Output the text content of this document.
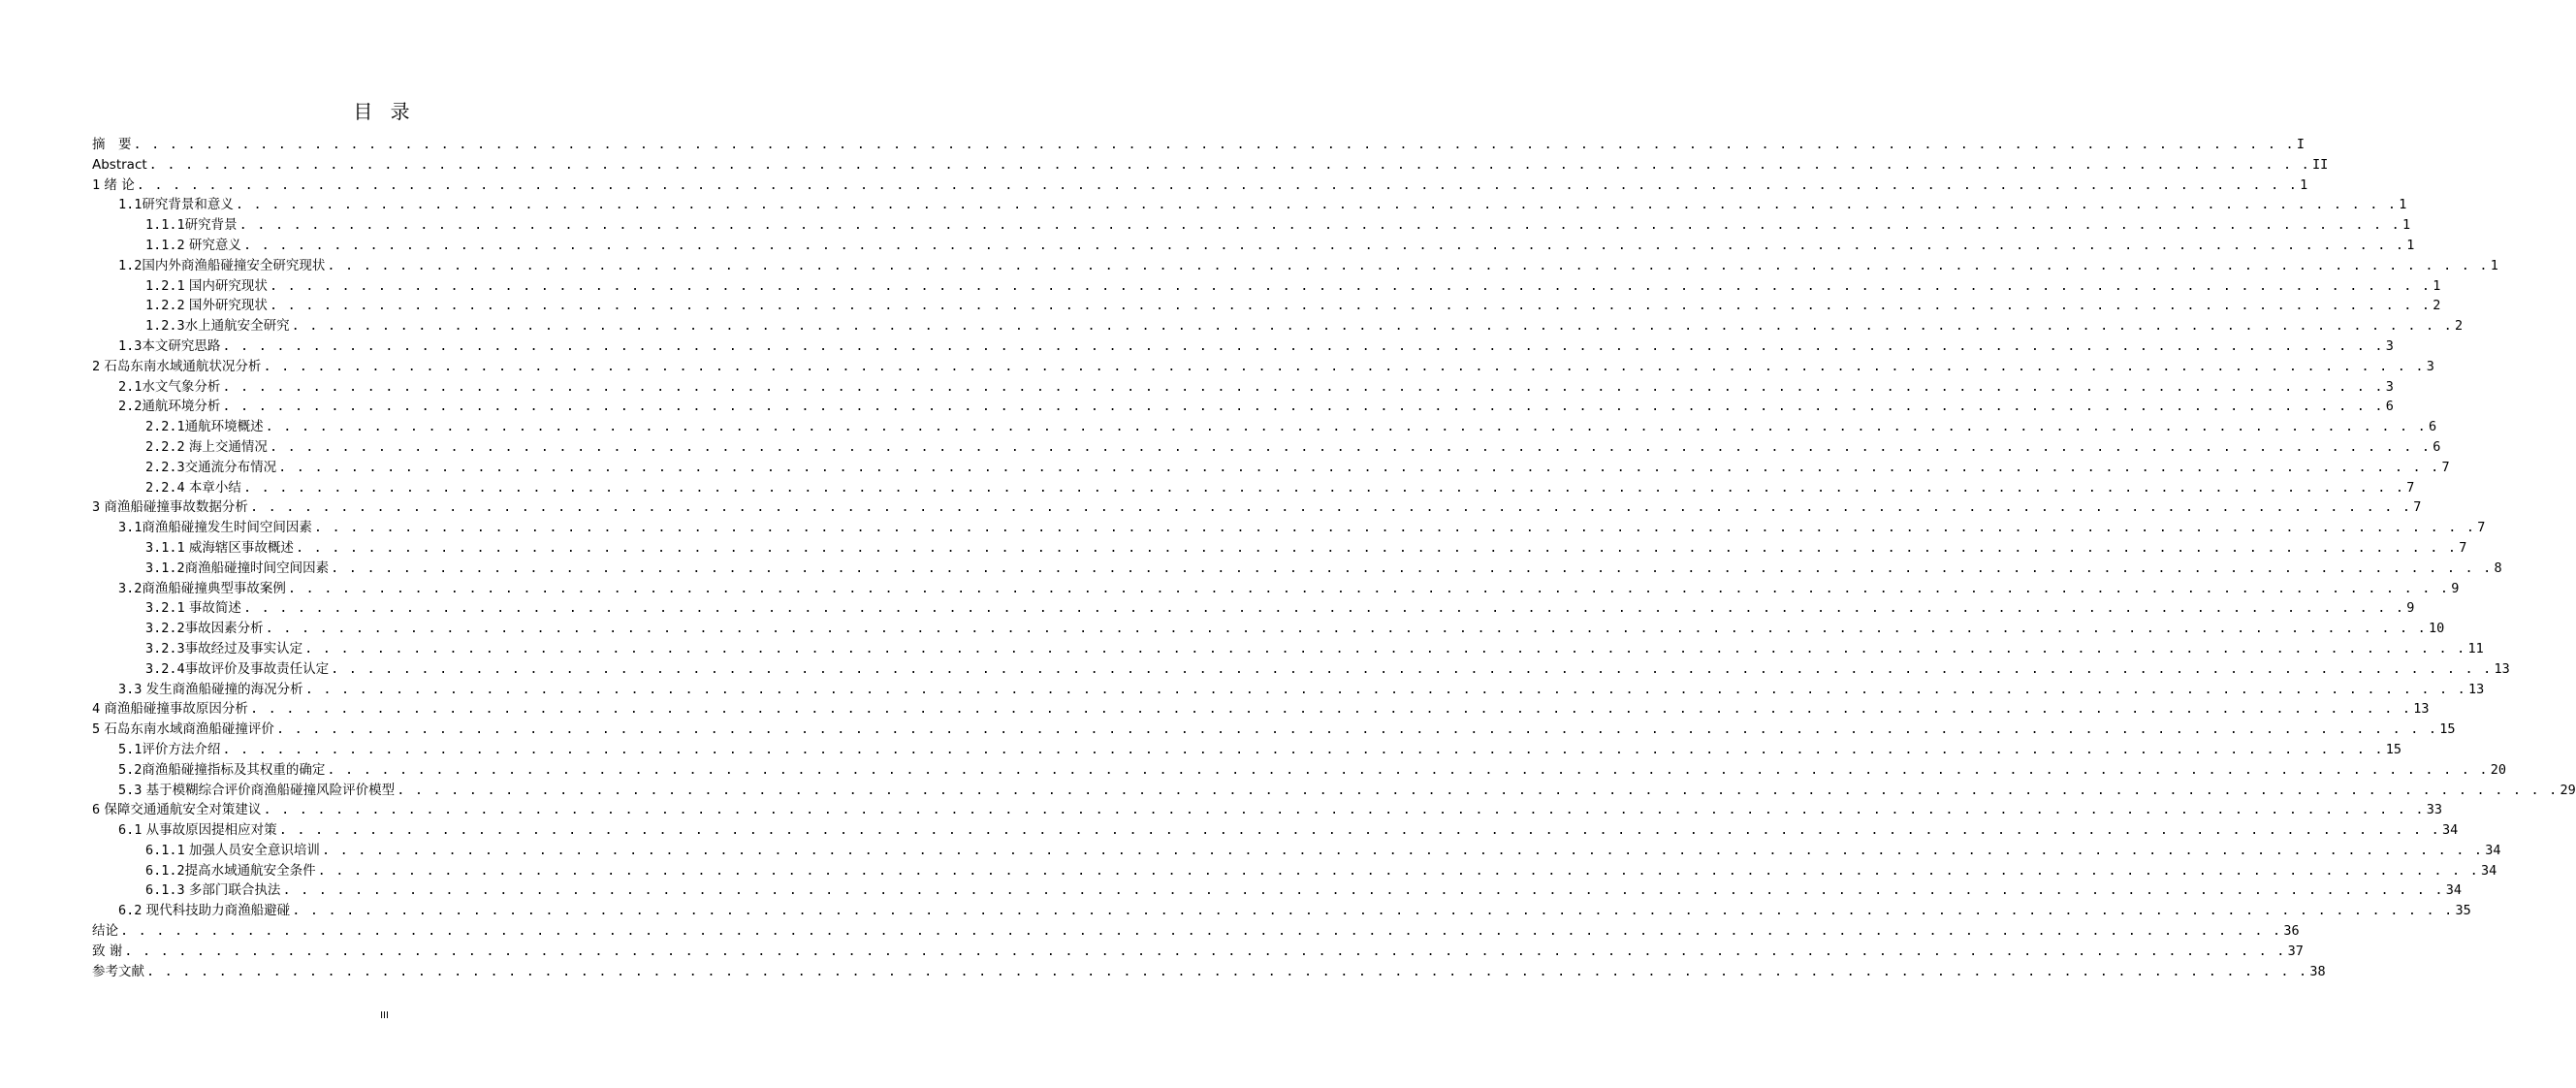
目 录
摘　要 . . . . . . . . . . . . . . . . . . . . . . . . . . . . . . . . . . . . . . . . . . . . . . . . . . . . . . . . . . . . . . . . . . . . . . . . . . . . . . . . . . . . . . . . . . . . . . . . . . . . . . . . . . . . . . . . . . . . . . . . I
Abstract . . . . . . . . . . . . . . . . . . . . . . . . . . . . . . . . . . . . . . . . . . . . . . . . . . . . . . . . . . . . . . . . . . . . . . . . . . . . . . . . . . . . . . . . . . . . . . . . . . . . . . . . . . . . . . . . . . . . . . . . II
1 绪 论 . . . . . . . . . . . . . . . . . . . . . . . . . . . . . . . . . . . . . . . . . . . . . . . . . . . . . . . . . . . . . . . . . . . . . . . . . . . . . . . . . . . . . . . . . . . . . . . . . . . . . . . . . . . . . . . . . . . . . . . . 1
1.1研究背景和意义 . . . . . . . . . . . . . . . . . . . . . . . . . . . . . . . . . . . . . . . . . . . . . . . . . . . . . . . . . . . . . . . . . . . . . . . . . . . . . . . . . . . . . . . . . . . . . . . . . . . . . . . . . . . . . . . . . . . . . . . . 1
1.1.1研究背景 . . . . . . . . . . . . . . . . . . . . . . . . . . . . . . . . . . . . . . . . . . . . . . . . . . . . . . . . . . . . . . . . . . . . . . . . . . . . . . . . . . . . . . . . . . . . . . . . . . . . . . . . . . . . . . . . . . . . . . . . 1
1.1.2 研究意义 . . . . . . . . . . . . . . . . . . . . . . . . . . . . . . . . . . . . . . . . . . . . . . . . . . . . . . . . . . . . . . . . . . . . . . . . . . . . . . . . . . . . . . . . . . . . . . . . . . . . . . . . . . . . . . . . . . . . . . . . 1
1.2国内外商渔船碰撞安全研究现状 . . . . . . . . . . . . . . . . . . . . . . . . . . . . . . . . . . . . . . . . . . . . . . . . . . . . . . . . . . . . . . . . . . . . . . . . . . . . . . . . . . . . . . . . . . . . . . . . . . . . . . . . . . . . . . . . . . . . . . . . 1
1.2.1 国内研究现状 . . . . . . . . . . . . . . . . . . . . . . . . . . . . . . . . . . . . . . . . . . . . . . . . . . . . . . . . . . . . . . . . . . . . . . . . . . . . . . . . . . . . . . . . . . . . . . . . . . . . . . . . . . . . . . . . . . . . . . . . 1
1.2.2 国外研究现状 . . . . . . . . . . . . . . . . . . . . . . . . . . . . . . . . . . . . . . . . . . . . . . . . . . . . . . . . . . . . . . . . . . . . . . . . . . . . . . . . . . . . . . . . . . . . . . . . . . . . . . . . . . . . . . . . . . . . . . . . 2
1.2.3水上通航安全研究 . . . . . . . . . . . . . . . . . . . . . . . . . . . . . . . . . . . . . . . . . . . . . . . . . . . . . . . . . . . . . . . . . . . . . . . . . . . . . . . . . . . . . . . . . . . . . . . . . . . . . . . . . . . . . . . . . . . . . . . . 2
1.3本文研究思路 . . . . . . . . . . . . . . . . . . . . . . . . . . . . . . . . . . . . . . . . . . . . . . . . . . . . . . . . . . . . . . . . . . . . . . . . . . . . . . . . . . . . . . . . . . . . . . . . . . . . . . . . . . . . . . . . . . . . . . . . 3
2 石岛东南水域通航状况分析 . . . . . . . . . . . . . . . . . . . . . . . . . . . . . . . . . . . . . . . . . . . . . . . . . . . . . . . . . . . . . . . . . . . . . . . . . . . . . . . . . . . . . . . . . . . . . . . . . . . . . . . . . . . . . . . . . . . . . . . . 3
2.1水文气象分析 . . . . . . . . . . . . . . . . . . . . . . . . . . . . . . . . . . . . . . . . . . . . . . . . . . . . . . . . . . . . . . . . . . . . . . . . . . . . . . . . . . . . . . . . . . . . . . . . . . . . . . . . . . . . . . . . . . . . . . . . 3
2.2通航环境分析 . . . . . . . . . . . . . . . . . . . . . . . . . . . . . . . . . . . . . . . . . . . . . . . . . . . . . . . . . . . . . . . . . . . . . . . . . . . . . . . . . . . . . . . . . . . . . . . . . . . . . . . . . . . . . . . . . . . . . . . . 6
2.2.1通航环境概述 . . . . . . . . . . . . . . . . . . . . . . . . . . . . . . . . . . . . . . . . . . . . . . . . . . . . . . . . . . . . . . . . . . . . . . . . . . . . . . . . . . . . . . . . . . . . . . . . . . . . . . . . . . . . . . . . . . . . . . . . 6
2.2.2 海上交通情况 . . . . . . . . . . . . . . . . . . . . . . . . . . . . . . . . . . . . . . . . . . . . . . . . . . . . . . . . . . . . . . . . . . . . . . . . . . . . . . . . . . . . . . . . . . . . . . . . . . . . . . . . . . . . . . . . . . . . . . . . 6
2.2.3交通流分布情况 . . . . . . . . . . . . . . . . . . . . . . . . . . . . . . . . . . . . . . . . . . . . . . . . . . . . . . . . . . . . . . . . . . . . . . . . . . . . . . . . . . . . . . . . . . . . . . . . . . . . . . . . . . . . . . . . . . . . . . . . 7
2.2.4 本章小结 . . . . . . . . . . . . . . . . . . . . . . . . . . . . . . . . . . . . . . . . . . . . . . . . . . . . . . . . . . . . . . . . . . . . . . . . . . . . . . . . . . . . . . . . . . . . . . . . . . . . . . . . . . . . . . . . . . . . . . . . 7
3 商渔船碰撞事故数据分析 . . . . . . . . . . . . . . . . . . . . . . . . . . . . . . . . . . . . . . . . . . . . . . . . . . . . . . . . . . . . . . . . . . . . . . . . . . . . . . . . . . . . . . . . . . . . . . . . . . . . . . . . . . . . . . . . . . . . . . . . 7
3.1商渔船碰撞发生时间空间因素 . . . . . . . . . . . . . . . . . . . . . . . . . . . . . . . . . . . . . . . . . . . . . . . . . . . . . . . . . . . . . . . . . . . . . . . . . . . . . . . . . . . . . . . . . . . . . . . . . . . . . . . . . . . . . . . . . . . . . . . . 7
3.1.1 威海辖区事故概述 . . . . . . . . . . . . . . . . . . . . . . . . . . . . . . . . . . . . . . . . . . . . . . . . . . . . . . . . . . . . . . . . . . . . . . . . . . . . . . . . . . . . . . . . . . . . . . . . . . . . . . . . . . . . . . . . . . . . . . . . 7
3.1.2商渔船碰撞时间空间因素 . . . . . . . . . . . . . . . . . . . . . . . . . . . . . . . . . . . . . . . . . . . . . . . . . . . . . . . . . . . . . . . . . . . . . . . . . . . . . . . . . . . . . . . . . . . . . . . . . . . . . . . . . . . . . . . . . . . . . . . . 8
3.2商渔船碰撞典型事故案例 . . . . . . . . . . . . . . . . . . . . . . . . . . . . . . . . . . . . . . . . . . . . . . . . . . . . . . . . . . . . . . . . . . . . . . . . . . . . . . . . . . . . . . . . . . . . . . . . . . . . . . . . . . . . . . . . . . . . . . . . 9
3.2.1 事故简述 . . . . . . . . . . . . . . . . . . . . . . . . . . . . . . . . . . . . . . . . . . . . . . . . . . . . . . . . . . . . . . . . . . . . . . . . . . . . . . . . . . . . . . . . . . . . . . . . . . . . . . . . . . . . . . . . . . . . . . . . 9
3.2.2事故因素分析 . . . . . . . . . . . . . . . . . . . . . . . . . . . . . . . . . . . . . . . . . . . . . . . . . . . . . . . . . . . . . . . . . . . . . . . . . . . . . . . . . . . . . . . . . . . . . . . . . . . . . . . . . . . . . . . . . . . . . . . . 10
3.2.3事故经过及事实认定 . . . . . . . . . . . . . . . . . . . . . . . . . . . . . . . . . . . . . . . . . . . . . . . . . . . . . . . . . . . . . . . . . . . . . . . . . . . . . . . . . . . . . . . . . . . . . . . . . . . . . . . . . . . . . . . . . . . . . . . . 11
3.2.4事故评价及事故责任认定 . . . . . . . . . . . . . . . . . . . . . . . . . . . . . . . . . . . . . . . . . . . . . . . . . . . . . . . . . . . . . . . . . . . . . . . . . . . . . . . . . . . . . . . . . . . . . . . . . . . . . . . . . . . . . . . . . . . . . . . . 13
3.3 发生商渔船碰撞的海况分析 . . . . . . . . . . . . . . . . . . . . . . . . . . . . . . . . . . . . . . . . . . . . . . . . . . . . . . . . . . . . . . . . . . . . . . . . . . . . . . . . . . . . . . . . . . . . . . . . . . . . . . . . . . . . . . . . . . . . . . . . 13
4 商渔船碰撞事故原因分析 . . . . . . . . . . . . . . . . . . . . . . . . . . . . . . . . . . . . . . . . . . . . . . . . . . . . . . . . . . . . . . . . . . . . . . . . . . . . . . . . . . . . . . . . . . . . . . . . . . . . . . . . . . . . . . . . . . . . . . . . 13
5 石岛东南水域商渔船碰撞评价 . . . . . . . . . . . . . . . . . . . . . . . . . . . . . . . . . . . . . . . . . . . . . . . . . . . . . . . . . . . . . . . . . . . . . . . . . . . . . . . . . . . . . . . . . . . . . . . . . . . . . . . . . . . . . . . . . . . . . . . . 15
5.1评价方法介绍 . . . . . . . . . . . . . . . . . . . . . . . . . . . . . . . . . . . . . . . . . . . . . . . . . . . . . . . . . . . . . . . . . . . . . . . . . . . . . . . . . . . . . . . . . . . . . . . . . . . . . . . . . . . . . . . . . . . . . . . . 15
5.2商渔船碰撞指标及其权重的确定 . . . . . . . . . . . . . . . . . . . . . . . . . . . . . . . . . . . . . . . . . . . . . . . . . . . . . . . . . . . . . . . . . . . . . . . . . . . . . . . . . . . . . . . . . . . . . . . . . . . . . . . . . . . . . . . . . . . . . . . . 20
5.3 基于模糊综合评价商渔船碰撞风险评价模型 . . . . . . . . . . . . . . . . . . . . . . . . . . . . . . . . . . . . . . . . . . . . . . . . . . . . . . . . . . . . . . . . . . . . . . . . . . . . . . . . . . . . . . . . . . . . . . . . . . . . . . . . . . . . . . . . . . . . . . . . 29
6 保障交通通航安全对策建议 . . . . . . . . . . . . . . . . . . . . . . . . . . . . . . . . . . . . . . . . . . . . . . . . . . . . . . . . . . . . . . . . . . . . . . . . . . . . . . . . . . . . . . . . . . . . . . . . . . . . . . . . . . . . . . . . . . . . . . . . 33
6.1 从事故原因提相应对策 . . . . . . . . . . . . . . . . . . . . . . . . . . . . . . . . . . . . . . . . . . . . . . . . . . . . . . . . . . . . . . . . . . . . . . . . . . . . . . . . . . . . . . . . . . . . . . . . . . . . . . . . . . . . . . . . . . . . . . . . 34
6.1.1 加强人员安全意识培训 . . . . . . . . . . . . . . . . . . . . . . . . . . . . . . . . . . . . . . . . . . . . . . . . . . . . . . . . . . . . . . . . . . . . . . . . . . . . . . . . . . . . . . . . . . . . . . . . . . . . . . . . . . . . . . . . . . . . . . . . 34
6.1.2提高水域通航安全条件 . . . . . . . . . . . . . . . . . . . . . . . . . . . . . . . . . . . . . . . . . . . . . . . . . . . . . . . . . . . . . . . . . . . . . . . . . . . . . . . . . . . . . . . . . . . . . . . . . . . . . . . . . . . . . . . . . . . . . . . . 34
6.1.3 多部门联合执法 . . . . . . . . . . . . . . . . . . . . . . . . . . . . . . . . . . . . . . . . . . . . . . . . . . . . . . . . . . . . . . . . . . . . . . . . . . . . . . . . . . . . . . . . . . . . . . . . . . . . . . . . . . . . . . . . . . . . . . . . 34
6.2 现代科技助力商渔船避碰 . . . . . . . . . . . . . . . . . . . . . . . . . . . . . . . . . . . . . . . . . . . . . . . . . . . . . . . . . . . . . . . . . . . . . . . . . . . . . . . . . . . . . . . . . . . . . . . . . . . . . . . . . . . . . . . . . . . . . . . . 35
结论 . . . . . . . . . . . . . . . . . . . . . . . . . . . . . . . . . . . . . . . . . . . . . . . . . . . . . . . . . . . . . . . . . . . . . . . . . . . . . . . . . . . . . . . . . . . . . . . . . . . . . . . . . . . . . . . . . . . . . . . . 36
致 谢 . . . . . . . . . . . . . . . . . . . . . . . . . . . . . . . . . . . . . . . . . . . . . . . . . . . . . . . . . . . . . . . . . . . . . . . . . . . . . . . . . . . . . . . . . . . . . . . . . . . . . . . . . . . . . . . . . . . . . . . . 37
参考文献 . . . . . . . . . . . . . . . . . . . . . . . . . . . . . . . . . . . . . . . . . . . . . . . . . . . . . . . . . . . . . . . . . . . . . . . . . . . . . . . . . . . . . . . . . . . . . . . . . . . . . . . . . . . . . . . . . . . . . . . . 38
III
